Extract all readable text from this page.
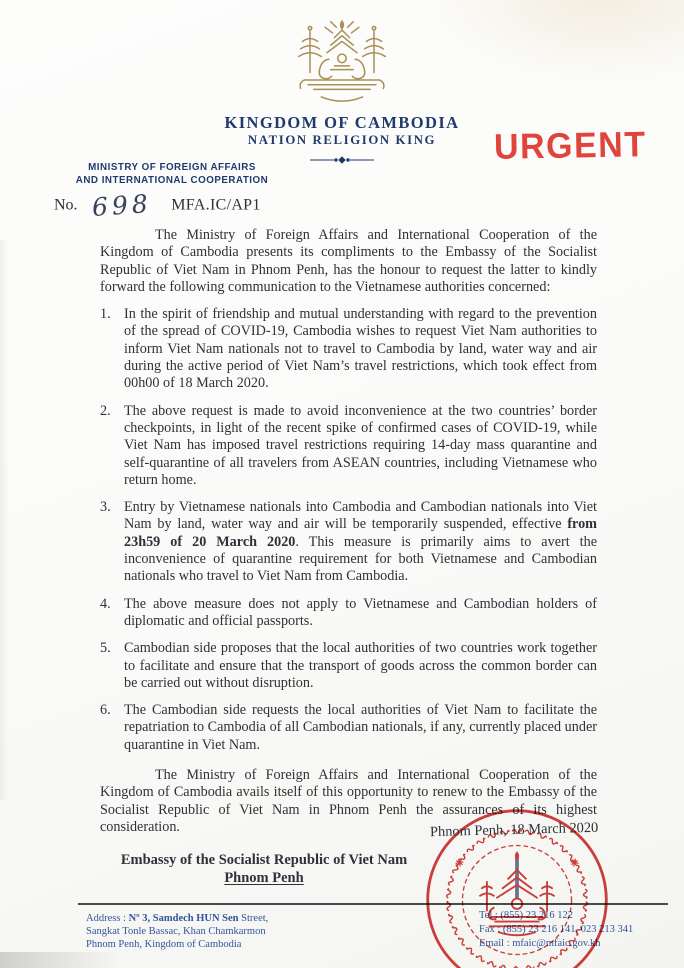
KINGDOM OF CAMBODIA
NATION RELIGION KING	URGENT
MINISTRY OF FOREIGN AFFAIRS
AND INTERNATIONAL COOPERATION
No. 698 MFA.IC/AP1

The Ministry of Foreign Affairs and International Cooperation of the Kingdom of Cambodia presents its compliments to the Embassy of the Socialist Republic of Viet Nam in Phnom Penh, has the honour to request the latter to kindly forward the following communication to the Vietnamese authorities concerned:

1. In the spirit of friendship and mutual understanding with regard to the prevention of the spread of COVID-19, Cambodia wishes to request Viet Nam authorities to inform Viet Nam nationals not to travel to Cambodia by land, water way and air during the active period of Viet Nam’s travel restrictions, which took effect from 00h00 of 18 March 2020.
2. The above request is made to avoid inconvenience at the two countries’ border checkpoints, in light of the recent spike of confirmed cases of COVID-19, while Viet Nam has imposed travel restrictions requiring 14-day mass quarantine and self-quarantine of all travelers from ASEAN countries, including Vietnamese who return home.
3. Entry by Vietnamese nationals into Cambodia and Cambodian nationals into Viet Nam by land, water way and air will be temporarily suspended, effective from 23h59 of 20 March 2020. This measure is primarily aims to avert the inconvenience of quarantine requirement for both Vietnamese and Cambodian nationals who travel to Viet Nam from Cambodia.
4. The above measure does not apply to Vietnamese and Cambodian holders of diplomatic and official passports.
5. Cambodian side proposes that the local authorities of two countries work together to facilitate and ensure that the transport of goods across the common border can be carried out without disruption.
6. The Cambodian side requests the local authorities of Viet Nam to facilitate the repatriation to Cambodia of all Cambodian nationals, if any, currently placed under quarantine in Viet Nam.

The Ministry of Foreign Affairs and International Cooperation of the Kingdom of Cambodia avails itself of this opportunity to renew to the Embassy of the Socialist Republic of Viet Nam in Phnom Penh the assurances of its highest consideration.	Phnom Penh, 18 March 2020
Embassy of the Socialist Republic of Viet Nam
Phnom Penh
Address : Nº 3, Samdech HUN Sen Street,
Sangkat Tonle Bassac, Khan Chamkarmon
Phnom Penh, Kingdom of Cambodia
Tel : (855) 23 216 122
Fax : (855) 23 216 141, 023 213 341
Email : mfaic@mfaic.gov.kh
